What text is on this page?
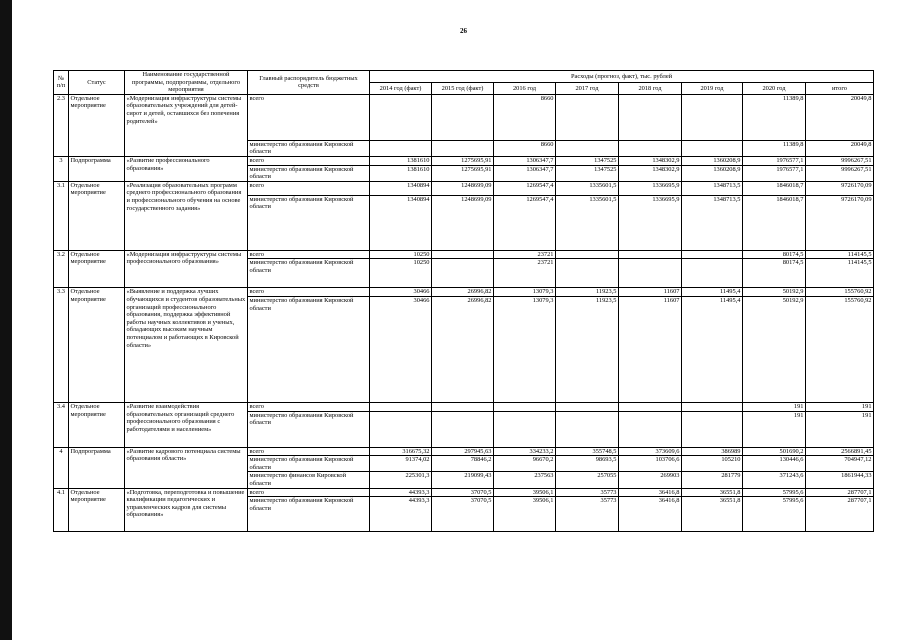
26
№ п/п	Статус	Наименование государственной программы, подпрограммы, отдельного мероприятия	Главный распорядитель бюджетных средств	Расходы (прогноз, факт), тыс. рублей							
				2014 год (факт)	2015 год (факт)	2016 год	2017 год	2018 год	2019 год	2020 год	итого
2.3	Отдельное мероприятие	«Модернизация инфраструктуры системы образовательных учреждений для детей-сирот и детей, оставшихся без попечения родителей»	всего			8660				11389,8	20049,8
			министерство образования Кировской области			8660				11389,8	20049,8
3	Подпрограмма	«Развитие профессионального образования»	всего	1381610	1275695,91	1306347,7	1347525	1348302,9	1360208,9	1976577,1	9996267,51
			министерство образования Кировской области	1381610	1275695,91	1306347,7	1347525	1348302,9	1360208,9	1976577,1	9996267,51
3.1	Отдельное мероприятие	«Реализация образовательных программ среднего профессионального образования и профессионального обучения на основе государственного задания»	всего	1340894	1248699,09	1269547,4	1335601,5	1336695,9	1348713,5	1846018,7	9726170,09
			министерство образования Кировской области	1340894	1248699,09	1269547,4	1335601,5	1336695,9	1348713,5	1846018,7	9726170,09
3.2	Отдельное мероприятие	«Модернизация инфраструктуры системы профессионального образования»	всего	10250		23721				80174,5	114145,5
			министерство образования Кировской области	10250		23721				80174,5	114145,5
3.3	Отдельное мероприятие	«Выявление и поддержка лучших обучающихся и студентов образовательных организаций профессионального образования, поддержка эффективной работы научных коллективов и ученых, обладающих высоким научным потенциалом и работающих в Кировской области»	всего	30466	26996,82	13079,3	11923,5	11607	11495,4	50192,9	155760,92
			министерство образования Кировской области	30466	26996,82	13079,3	11923,5	11607	11495,4	50192,9	155760,92
3.4	Отдельное мероприятие	«Развитие взаимодействия образовательных организаций среднего профессионального образования с работодателями и населением»	всего							191	191
			министерство образования Кировской области							191	191
4	Подпрограмма	«Развитие кадрового потенциала системы образования области»	всего	316675,32	297945,63	334233,2	355748,5	373609,6	386989	501690,2	2566891,45
			министерство образования Кировской области	91374,02	78846,2	96670,2	98693,5	103706,6	105210	130446,6	704947,12
			министерство финансов Кировской области	225301,3	219099,43	237563	257055	269903	281779	371243,6	1861944,33
4.1	Отдельное мероприятие	«Подготовка, переподготовка и повышение квалификации педагогических и управленческих кадров для системы образования»	всего	44393,3	37070,5	39506,1	35773	36416,8	36551,8	57995,6	287707,1
			министерство образования Кировской области	44393,3	37070,5	39506,1	35773	36416,8	36551,8	57995,6	287707,1
